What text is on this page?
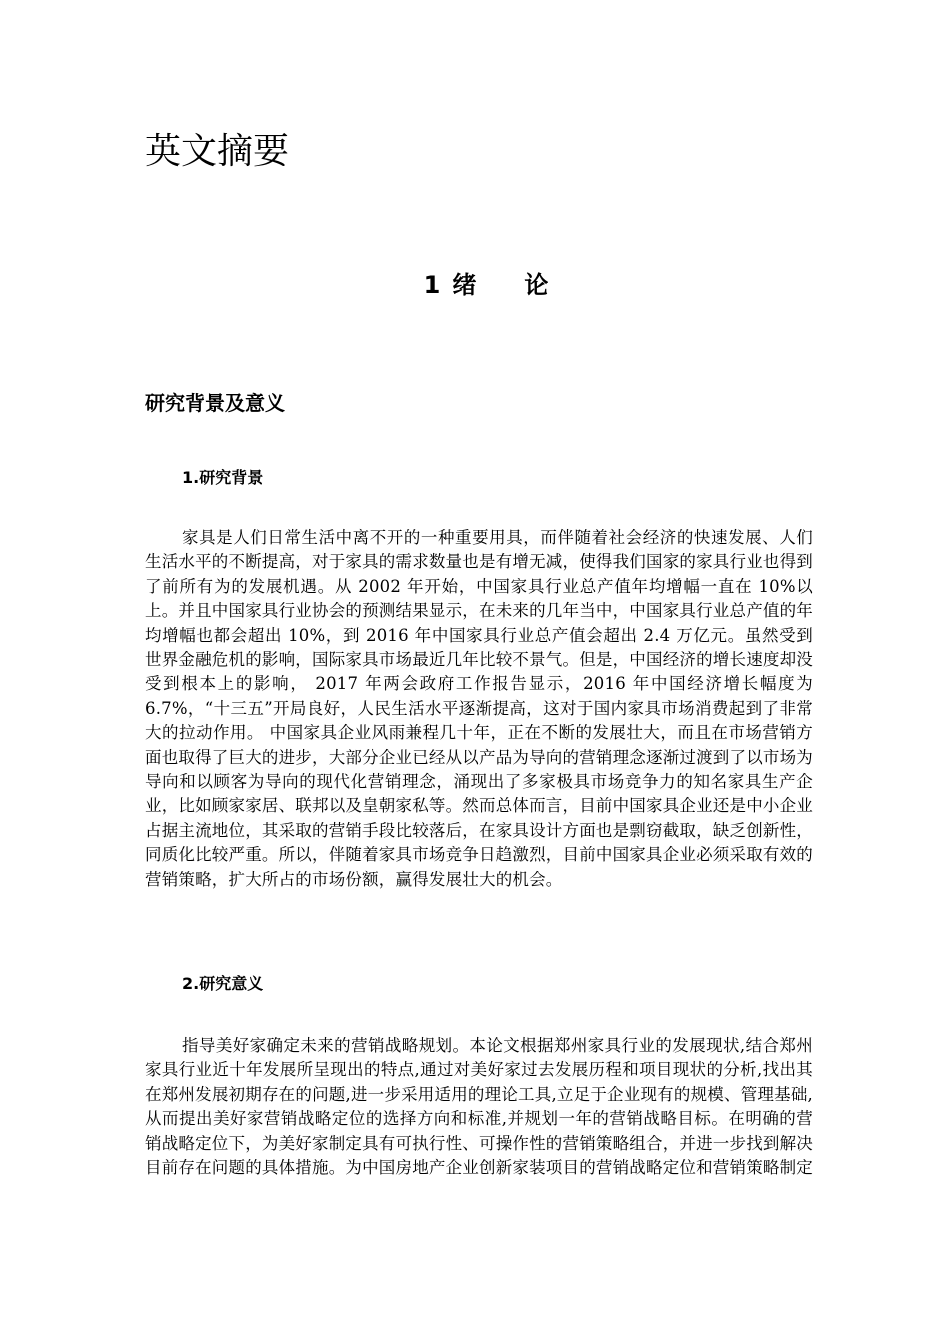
英文摘要
1 绪 论
研究背景及意义
1.研究背景

家具是人们日常生活中离不开的一种重要用具，而伴随着社会经济的快速发展、人们生活水平的不断提高，对于家具的需求数量也是有增无减，使得我们国家的家具行业也得到了前所有为的发展机遇。从 2002 年开始，中国家具行业总产值年均增幅一直在 10%以上。并且中国家具行业协会的预测结果显示，在未来的几年当中，中国家具行业总产值的年均增幅也都会超出 10%，到 2016 年中国家具行业总产值会超出 2.4 万亿元。虽然受到世界金融危机的影响，国际家具市场最近几年比较不景气。但是，中国经济的增长速度却没受到根本上的影响， 2017 年两会政府工作报告显示，2016 年中国经济增长幅度为 6.7%，“十三五”开局良好，人民生活水平逐渐提高，这对于国内家具市场消费起到了非常大的拉动作用。 中国家具企业风雨兼程几十年，正在不断的发展壮大，而且在市场营销方面也取得了巨大的进步，大部分企业已经从以产品为导向的营销理念逐渐过渡到了以市场为导向和以顾客为导向的现代化营销理念，涌现出了多家极具市场竞争力的知名家具生产企业，比如顾家家居、联邦以及皇朝家私等。然而总体而言，目前中国家具企业还是中小企业占据主流地位，其采取的营销手段比较落后，在家具设计方面也是剽窃截取，缺乏创新性，同质化比较严重。所以，伴随着家具市场竞争日趋激烈，目前中国家具企业必须采取有效的营销策略，扩大所占的市场份额，赢得发展壮大的机会。

2.研究意义

指导美好家确定未来的营销战略规划。本论文根据郑州家具行业的发展现状,结合郑州家具行业近十年发展所呈现出的特点,通过对美好家过去发展历程和项目现状的分析,找出其在郑州发展初期存在的问题,进一步采用适用的理论工具,立足于企业现有的规模、管理基础,从而提出美好家营销战略定位的选择方向和标准,并规划一年的营销战略目标。在明确的营销战略定位下，为美好家制定具有可执行性、可操作性的营销策略组合，并进一步找到解决目前存在问题的具体措施。为中国房地产企业创新家装项目的营销战略定位和营销策略制定
